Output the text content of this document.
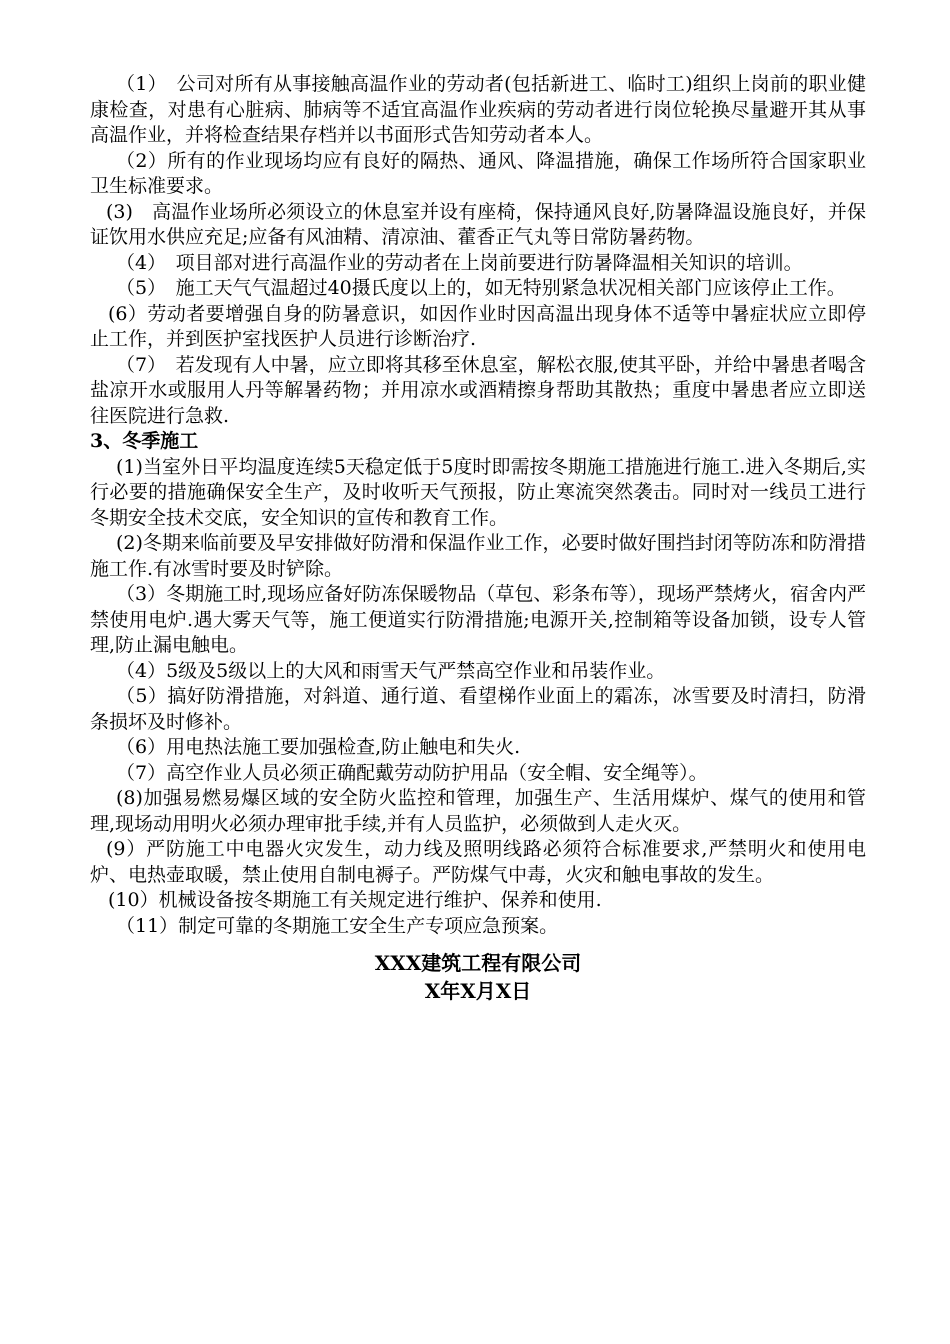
（1）　公司对所有从事接触高温作业的劳动者(包括新进工、临时工)组织上岗前的职业健康检查，对患有心脏病、肺病等不适宜高温作业疾病的劳动者进行岗位轮换尽量避开其从事高温作业，并将检查结果存档并以书面形式告知劳动者本人。

（2）所有的作业现场均应有良好的隔热、通风、降温措施，确保工作场所符合国家职业卫生标准要求。

(3)　高温作业场所必须设立的休息室并设有座椅，保持通风良好,防暑降温设施良好，并保证饮用水供应充足;应备有风油精、清凉油、藿香正气丸等日常防暑药物。

（4）　项目部对进行高温作业的劳动者在上岗前要进行防暑降温相关知识的培训。

（5）　施工天气气温超过40摄氏度以上的，如无特别紧急状况相关部门应该停止工作。

(6）劳动者要增强自身的防暑意识，如因作业时因高温出现身体不适等中暑症状应立即停止工作，并到医护室找医护人员进行诊断治疗.

（7）　若发现有人中暑，应立即将其移至休息室，解松衣服,使其平卧，并给中暑患者喝含盐凉开水或服用人丹等解暑药物；并用凉水或酒精擦身帮助其散热；重度中暑患者应立即送往医院进行急救.

3、冬季施工

(1)当室外日平均温度连续5天稳定低于5度时即需按冬期施工措施进行施工.进入冬期后,实行必要的措施确保安全生产，及时收听天气预报，防止寒流突然袭击。同时对一线员工进行冬期安全技术交底，安全知识的宣传和教育工作。

(2)冬期来临前要及早安排做好防滑和保温作业工作，必要时做好围挡封闭等防冻和防滑措施工作.有冰雪时要及时铲除。

（3）冬期施工时,现场应备好防冻保暖物品（草包、彩条布等），现场严禁烤火，宿舍内严禁使用电炉.遇大雾天气等，施工便道实行防滑措施;电源开关,控制箱等设备加锁，设专人管理,防止漏电触电。

（4）5级及5级以上的大风和雨雪天气严禁高空作业和吊装作业。

（5）搞好防滑措施，对斜道、通行道、看望梯作业面上的霜冻，冰雪要及时清扫，防滑条损坏及时修补。

（6）用电热法施工要加强检查,防止触电和失火.

（7）高空作业人员必须正确配戴劳动防护用品（安全帽、安全绳等）。

(8)加强易燃易爆区域的安全防火监控和管理，加强生产、生活用煤炉、煤气的使用和管理,现场动用明火必须办理审批手续,并有人员监护，必须做到人走火灭。

(9）严防施工中电器火灾发生，动力线及照明线路必须符合标准要求,严禁明火和使用电炉、电热壶取暖，禁止使用自制电褥子。严防煤气中毒，火灾和触电事故的发生。

(10）机械设备按冬期施工有关规定进行维护、保养和使用.

（11）制定可靠的冬期施工安全生产专项应急预案。

XXX建筑工程有限公司

X年X月X日
